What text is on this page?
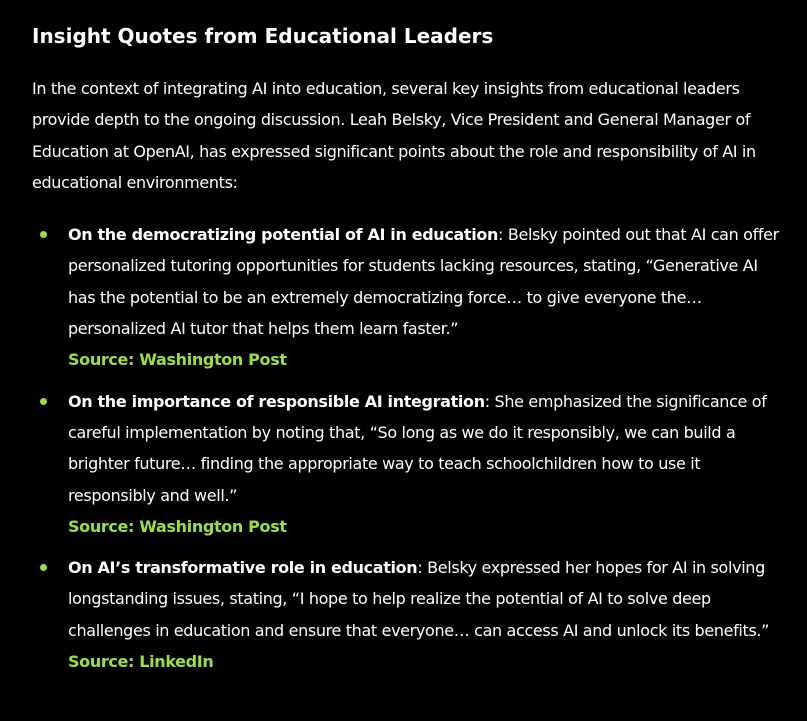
Insight Quotes from Educational Leaders

In the context of integrating AI into education, several key insights from educational leaders provide depth to the ongoing discussion. Leah Belsky, Vice President and General Manager of Education at OpenAI, has expressed significant points about the role and responsibility of AI in educational environments:

On the democratizing potential of AI in education: Belsky pointed out that AI can offer personalized tutoring opportunities for students lacking resources, stating, “Generative AI has the potential to be an extremely democratizing force… to give everyone the… personalized AI tutor that helps them learn faster.”
Source: Washington Post
On the importance of responsible AI integration: She emphasized the significance of careful implementation by noting that, “So long as we do it responsibly, we can build a brighter future… finding the appropriate way to teach schoolchildren how to use it responsibly and well.”
Source: Washington Post
On AI’s transformative role in education: Belsky expressed her hopes for AI in solving longstanding issues, stating, “I hope to help realize the potential of AI to solve deep challenges in education and ensure that everyone… can access AI and unlock its benefits.”
Source: LinkedIn
